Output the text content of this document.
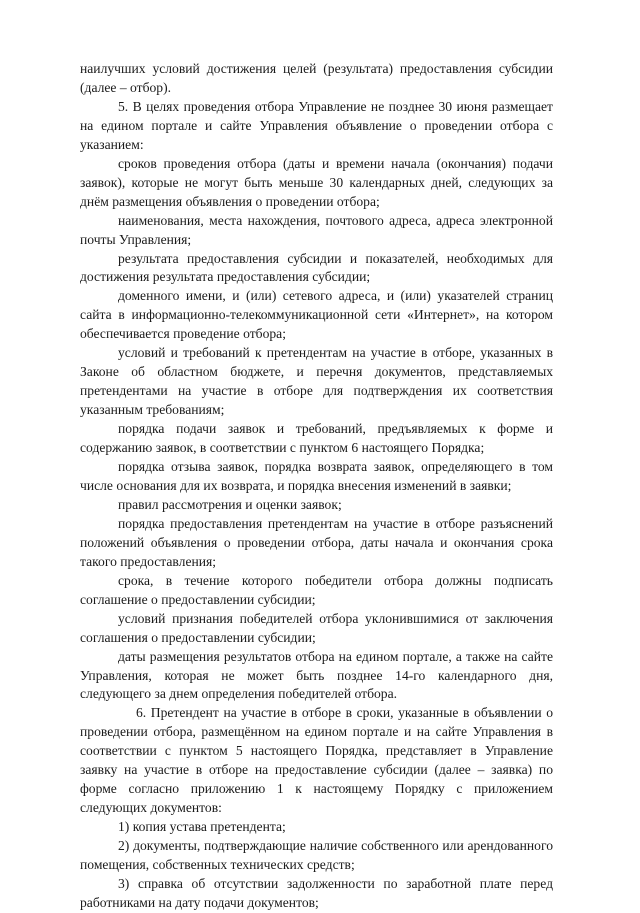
наилучших условий достижения целей (результата) предоставления субсидии (далее – отбор).

5. В целях проведения отбора Управление не позднее 30 июня размещает на едином портале и сайте Управления объявление о проведении отбора с указанием:

сроков проведения отбора (даты и времени начала (окончания) подачи заявок), которые не могут быть меньше 30 календарных дней, следующих за днём размещения объявления о проведении отбора;

наименования, места нахождения, почтового адреса, адреса электронной почты Управления;

результата предоставления субсидии и показателей, необходимых для достижения результата предоставления субсидии;

доменного имени, и (или) сетевого адреса, и (или) указателей страниц сайта в информационно-телекоммуникационной сети «Интернет», на котором обеспечивается проведение отбора;

условий и требований к претендентам на участие в отборе, указанных в Законе об областном бюджете, и перечня документов, представляемых претендентами на участие в отборе для подтверждения их соответствия указанным требованиям;

порядка подачи заявок и требований, предъявляемых к форме и содержанию заявок, в соответствии с пунктом 6 настоящего Порядка;

порядка отзыва заявок, порядка возврата заявок, определяющего в том числе основания для их возврата, и порядка внесения изменений в заявки;

правил рассмотрения и оценки заявок;

порядка предоставления претендентам на участие в отборе разъяснений положений объявления о проведении отбора, даты начала и окончания срока такого предоставления;

срока, в течение которого победители отбора должны подписать соглашение о предоставлении субсидии;

условий признания победителей отбора уклонившимися от заключения соглашения о предоставлении субсидии;

даты размещения результатов отбора на едином портале, а также на сайте Управления, которая не может быть позднее 14-го календарного дня, следующего за днем определения победителей отбора.

6. Претендент на участие в отборе в сроки, указанные в объявлении о проведении отбора, размещённом на едином портале и на сайте Управления в соответствии с пунктом 5 настоящего Порядка, представляет в Управление заявку на участие в отборе на предоставление субсидии (далее – заявка) по форме согласно приложению 1 к настоящему Порядку с приложением следующих документов:

1) копия устава претендента;

2) документы, подтверждающие наличие собственного или арендованного помещения, собственных технических средств;

3) справка об отсутствии задолженности по заработной плате перед работниками на дату подачи документов;
